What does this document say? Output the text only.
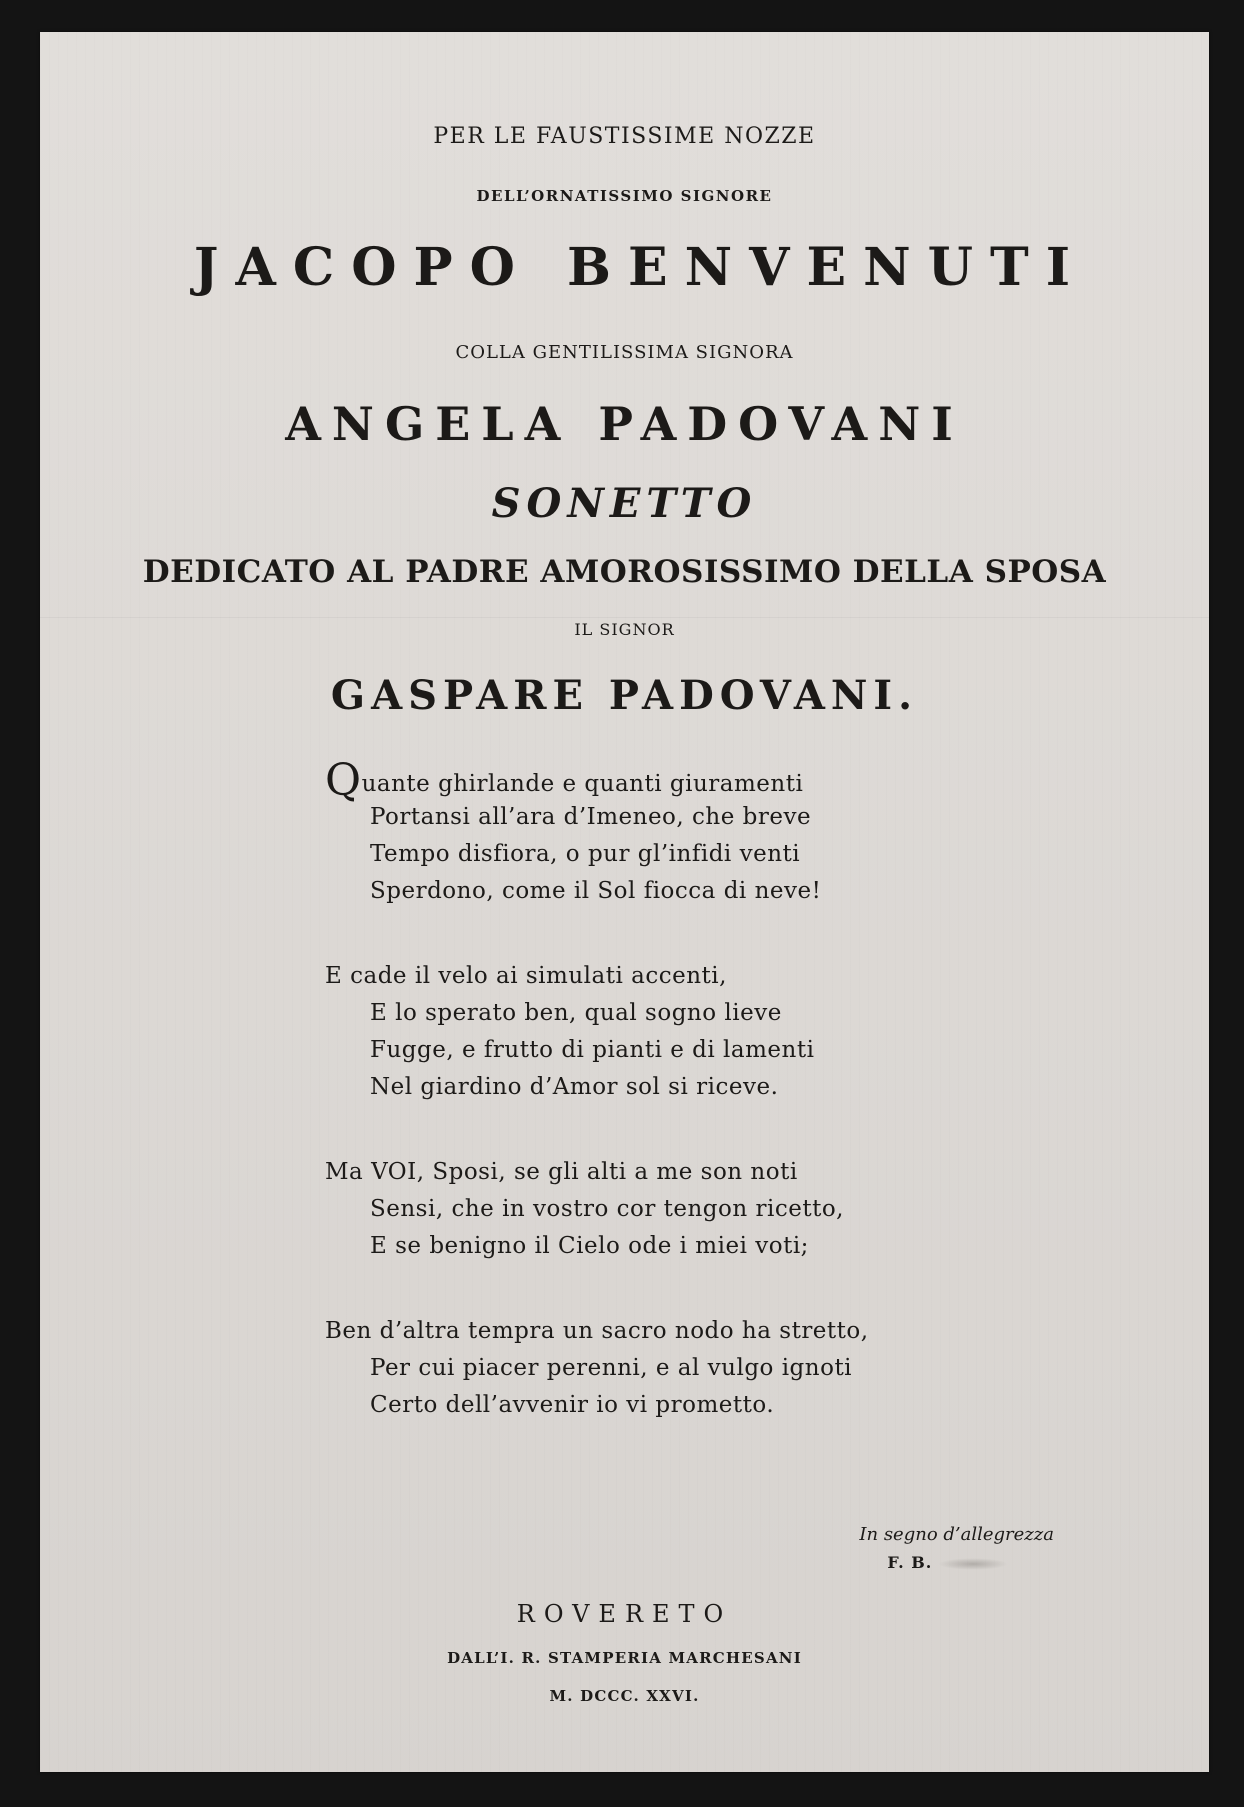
PER LE FAUSTISSIME NOZZE

DELL’ORNATISSIMO SIGNORE

JACOPO BENVENUTI

COLLA GENTILISSIMA SIGNORA

ANGELA PADOVANI

SONETTO

DEDICATO AL PADRE AMOROSISSIMO DELLA SPOSA

IL SIGNOR

GASPARE PADOVANI.

Quante ghirlande e quanti giuramenti

Portansi all’ara d’Imeneo, che breve

Tempo disfiora, o pur gl’infidi venti

Sperdono, come il Sol fiocca di neve!

E cade il velo ai simulati accenti,

E lo sperato ben, qual sogno lieve

Fugge, e frutto di pianti e di lamenti

Nel giardino d’Amor sol si riceve.

Ma VOI, Sposi, se gli alti a me son noti

Sensi, che in vostro cor tengon ricetto,

E se benigno il Cielo ode i miei voti;

Ben d’altra tempra un sacro nodo ha stretto,

Per cui piacer perenni, e al vulgo ignoti

Certo dell’avvenir io vi prometto.

In segno d’allegrezza

F. B.

ROVERETO

DALL’I. R. STAMPERIA MARCHESANI

M. DCCC. XXVI.
